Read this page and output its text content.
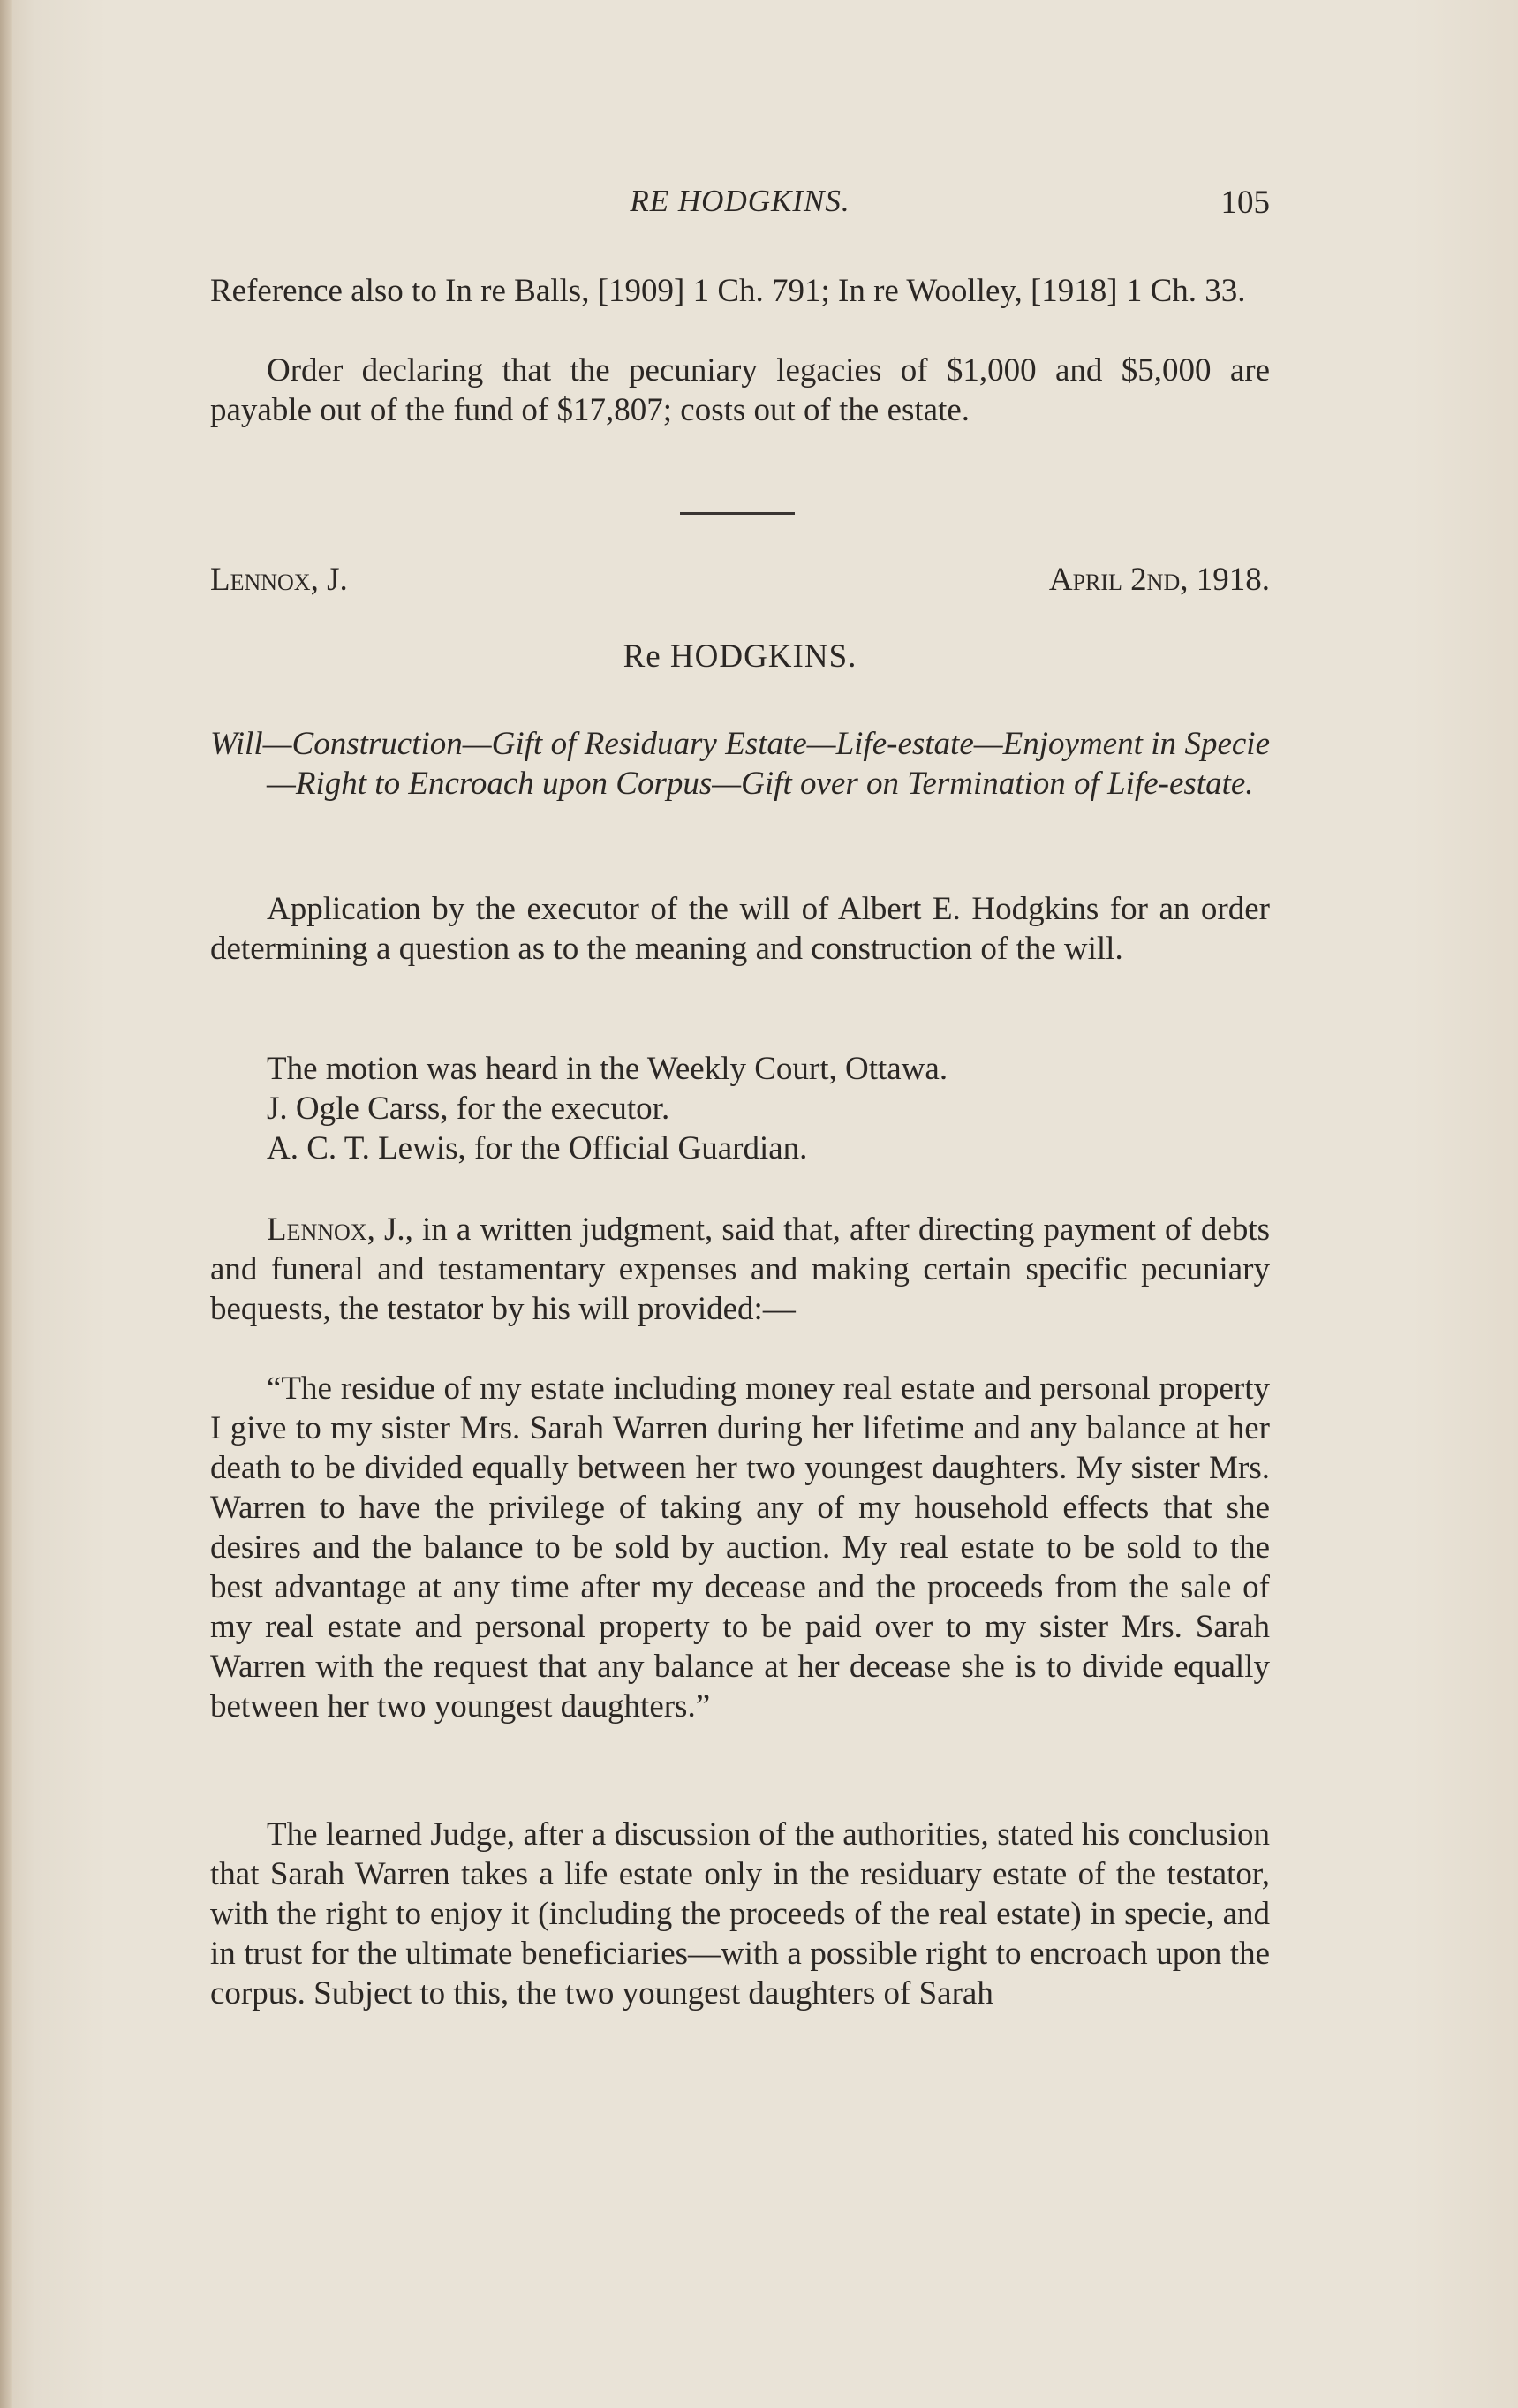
RE HODGKINS.	105

Reference also to In re Balls, [1909] 1 Ch. 791; In re Woolley, [1918] 1 Ch. 33.

Order declaring that the pecuniary legacies of $1,000 and $5,000 are payable out of the fund of $17,807; costs out of the estate.

Lennox, J.	April 2nd, 1918.
Re HODGKINS.

Will—Construction—Gift of Residuary Estate—Life-estate—Enjoyment in Specie—Right to Encroach upon Corpus—Gift over on Termination of Life-estate.

Application by the executor of the will of Albert E. Hodgkins for an order determining a question as to the meaning and construction of the will.

The motion was heard in the Weekly Court, Ottawa.

J. Ogle Carss, for the executor.

A. C. T. Lewis, for the Official Guardian.

Lennox, J., in a written judgment, said that, after directing payment of debts and funeral and testamentary expenses and making certain specific pecuniary bequests, the testator by his will provided:—

“The residue of my estate including money real estate and personal property I give to my sister Mrs. Sarah Warren during her lifetime and any balance at her death to be divided equally between her two youngest daughters. My sister Mrs. Warren to have the privilege of taking any of my household effects that she desires and the balance to be sold by auction. My real estate to be sold to the best advantage at any time after my decease and the proceeds from the sale of my real estate and personal property to be paid over to my sister Mrs. Sarah Warren with the request that any balance at her decease she is to divide equally between her two youngest daughters.”

The learned Judge, after a discussion of the authorities, stated his conclusion that Sarah Warren takes a life estate only in the residuary estate of the testator, with the right to enjoy it (including the proceeds of the real estate) in specie, and in trust for the ultimate beneficiaries—with a possible right to encroach upon the corpus. Subject to this, the two youngest daughters of Sarah
